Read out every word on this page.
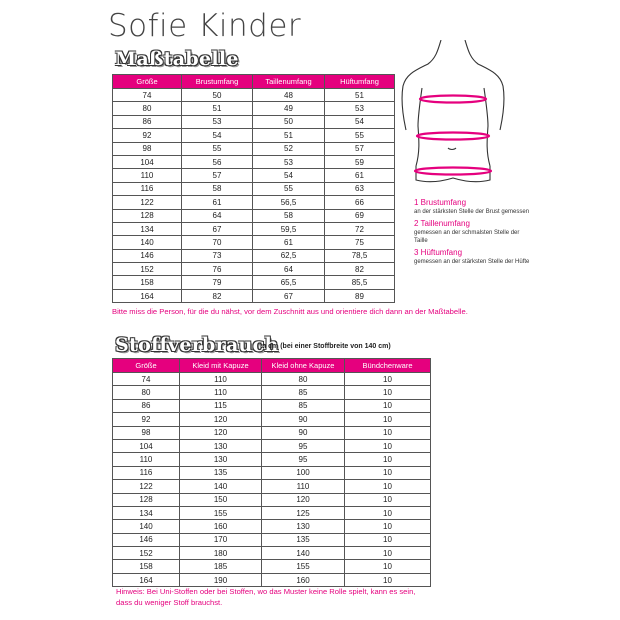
Sofie Kinder
Maßtabelle
Größe	Brustumfang	Taillenumfang	Hüftumfang
74	50	48	51
80	51	49	53
86	53	50	54
92	54	51	55
98	55	52	57
104	56	53	59
110	57	54	61
116	58	55	63
122	61	56,5	66
128	64	58	69
134	67	59,5	72
140	70	61	75
146	73	62,5	78,5
152	76	64	82
158	79	65,5	85,5
164	82	67	89
Bitte miss die Person, für die du nähst, vor dem Zuschnitt aus und orientiere dich dann an der Maßtabelle.
1 Brustumfang
an der stärksten Stelle der Brust gemessen
2 Taillenumfang
gemessen an der schmalsten Stelle der Taille
3 Hüftumfang
gemessen an der stärksten Stelle der Hüfte
Stoffverbrauch
in cm (bei einer Stoffbreite von 140 cm)
Größe	Kleid mit Kapuze	Kleid ohne Kapuze	Bündchenware
74	110	80	10
80	110	85	10
86	115	85	10
92	120	90	10
98	120	90	10
104	130	95	10
110	130	95	10
116	135	100	10
122	140	110	10
128	150	120	10
134	155	125	10
140	160	130	10
146	170	135	10
152	180	140	10
158	185	155	10
164	190	160	10
Hinweis: Bei Uni-Stoffen oder bei Stoffen, wo das Muster keine Rolle spielt, kann es sein,
dass du weniger Stoff brauchst.
